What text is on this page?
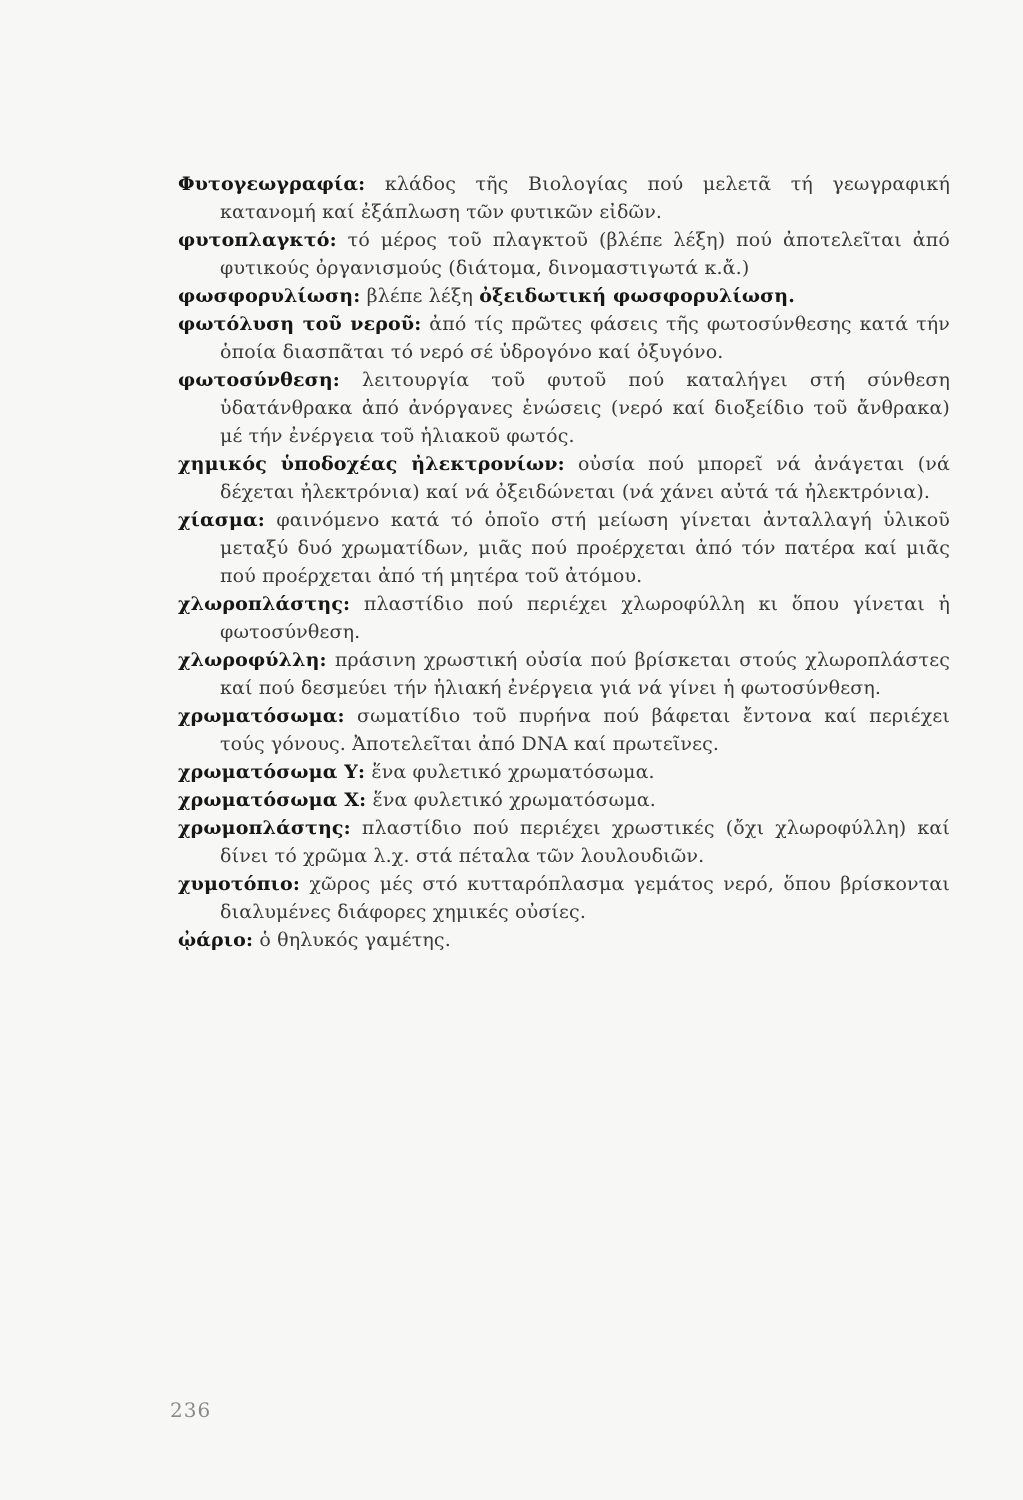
Φυτογεωγραφία: κλάδος τῆς Βιολογίας πού μελετᾶ τή γεωγραφική κατανομή καί ἐξάπλωση τῶν φυτικῶν εἰδῶν.

φυτοπλαγκτό: τό μέρος τοῦ πλαγκτοῦ (βλέπε λέξη) πού ἀποτελεῖται ἀπό φυτικούς ὀργανισμούς (διάτομα, δινομαστιγωτά κ.ἄ.)

φωσφορυλίωση: βλέπε λέξη ὀξειδωτική φωσφορυλίωση.

φωτόλυση τοῦ νεροῦ: ἀπό τίς πρῶτες φάσεις τῆς φωτοσύνθεσης κατά τήν ὁποία διασπᾶται τό νερό σέ ὑδρογόνο καί ὀξυγόνο.

φωτοσύνθεση: λειτουργία τοῦ φυτοῦ πού καταλήγει στή σύνθεση ὑδατάνθρακα ἀπό ἀνόργανες ἑνώσεις (νερό καί διοξείδιο τοῦ ἄνθρακα) μέ τήν ἐνέργεια τοῦ ἡλιακοῦ φωτός.

χημικός ὑποδοχέας ἠλεκτρονίων: οὐσία πού μπορεῖ νά ἀνάγεται (νά δέχεται ἠλεκτρόνια) καί νά ὀξειδώνεται (νά χάνει αὐτά τά ἠλεκτρόνια).

χίασμα: φαινόμενο κατά τό ὁποῖο στή μείωση γίνεται ἀνταλλαγή ὑλικοῦ μεταξύ δυό χρωματίδων, μιᾶς πού προέρχεται ἀπό τόν πατέρα καί μιᾶς πού προέρχεται ἀπό τή μητέρα τοῦ ἀτόμου.

χλωροπλάστης: πλαστίδιο πού περιέχει χλωροφύλλη κι ὅπου γίνεται ἡ φωτοσύνθεση.

χλωροφύλλη: πράσινη χρωστική οὐσία πού βρίσκεται στούς χλωροπλάστες καί πού δεσμεύει τήν ἡλιακή ἐνέργεια γιά νά γίνει ἡ φωτοσύνθεση.

χρωματόσωμα: σωματίδιο τοῦ πυρήνα πού βάφεται ἔντονα καί περιέχει τούς γόνους. Ἀποτελεῖται ἀπό DNA καί πρωτεῖνες.

χρωματόσωμα Υ: ἕνα φυλετικό χρωματόσωμα.

χρωματόσωμα Χ: ἕνα φυλετικό χρωματόσωμα.

χρωμοπλάστης: πλαστίδιο πού περιέχει χρωστικές (ὄχι χλωροφύλλη) καί δίνει τό χρῶμα λ.χ. στά πέταλα τῶν λουλουδιῶν.

χυμοτόπιο: χῶρος μές στό κυτταρόπλασμα γεμάτος νερό, ὅπου βρίσκονται διαλυμένες διάφορες χημικές οὐσίες.

ᾠάριο: ὁ θηλυκός γαμέτης.

236
